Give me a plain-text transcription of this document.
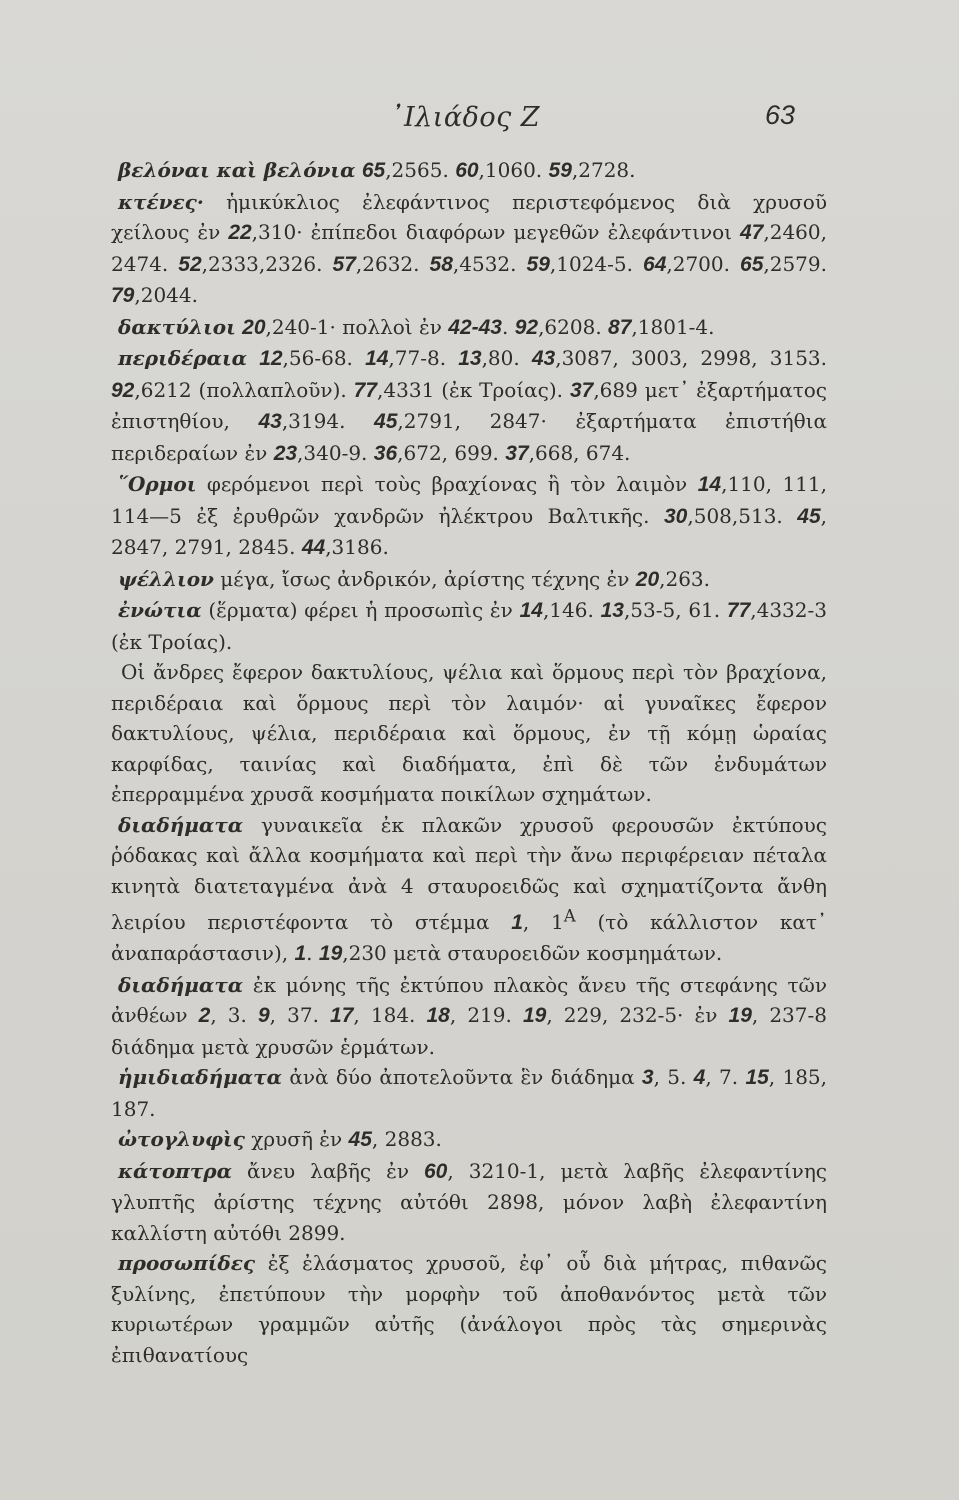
᾿Ιλιάδος Ζ	63

βελόναι καὶ βελόνια 65,2565. 60,1060. 59,2728.

κτένες· ἡμικύκλιος ἐλεφάντινος περιστεφόμενος διὰ χρυσοῦ χείλους ἐν 22,310· ἐπίπεδοι διαφόρων μεγεθῶν ἐλεφάντινοι 47,2460, 2474. 52,2333,2326. 57,2632. 58,4532. 59,1024-5. 64,2700. 65,2579. 79,2044.

δακτύλιοι 20,240-1· πολλοὶ ἐν 42-43. 92,6208. 87,1801-4.

περιδέραια 12,56-68. 14,77-8. 13,80. 43,3087, 3003, 2998, 3153. 92,6212 (πολλαπλοῦν). 77,4331 (ἐκ Τροίας). 37,689 μετ᾿ ἐξαρτήματος ἐπιστηθίου, 43,3194. 45,2791, 2847· ἐξαρτήματα ἐπιστήθια περιδεραίων ἐν 23,340-9. 36,672, 699. 37,668, 674.

῞Ορμοι φερόμενοι περὶ τοὺς βραχίονας ἢ τὸν λαιμὸν 14,110, 111, 114—5 ἐξ ἐρυθρῶν χανδρῶν ἠλέκτρου Βαλτικῆς. 30,508,513. 45, 2847, 2791, 2845. 44,3186.

ψέλλιον μέγα, ἴσως ἀνδρικόν, ἀρίστης τέχνης ἐν 20,263.

ἐνώτια (ἕρματα) φέρει ἡ προσωπὶς ἐν 14,146. 13,53-5, 61. 77,4332-3 (ἐκ Τροίας).

Οἱ ἄνδρες ἔφερον δακτυλίους, ψέλια καὶ ὅρμους περὶ τὸν βραχίονα, περιδέραια καὶ ὅρμους περὶ τὸν λαιμόν· αἱ γυναῖκες ἔφερον δακτυλίους, ψέλια, περιδέραια καὶ ὅρμους, ἐν τῇ κόμῃ ὡραίας καρφίδας, ταινίας καὶ διαδήματα, ἐπὶ δὲ τῶν ἐνδυμάτων ἐπερραμμένα χρυσᾶ κοσμήματα ποικίλων σχημάτων.

διαδήματα γυναικεῖα ἐκ πλακῶν χρυσοῦ φερουσῶν ἐκτύπους ῥόδακας καὶ ἄλλα κοσμήματα καὶ περὶ τὴν ἄνω περιφέρειαν πέταλα κινητὰ διατεταγμένα ἀνὰ 4 σταυροειδῶς καὶ σχηματίζοντα ἄνθη λειρίου περιστέφοντα τὸ στέμμα 1, $1^A$ (τὸ κάλλιστον κατ᾿ ἀναπαράστασιν), 1. 19,230 μετὰ σταυροειδῶν κοσμημάτων.

διαδήματα ἐκ μόνης τῆς ἐκτύπου πλακὸς ἄνευ τῆς στεφάνης τῶν ἀνθέων 2, 3. 9, 37. 17, 184. 18, 219. 19, 229, 232-5· ἐν 19, 237-8 διάδημα μετὰ χρυσῶν ἑρμάτων.

ἡμιδιαδήματα ἀνὰ δύο ἀποτελοῦντα ἓν διάδημα 3, 5. 4, 7. 15, 185, 187.

ὠτογλυφὶς χρυσῆ ἐν 45, 2883.

κάτοπτρα ἄνευ λαβῆς ἐν 60, 3210-1, μετὰ λαβῆς ἐλεφαντίνης γλυπτῆς ἀρίστης τέχνης αὐτόθι 2898, μόνον λαβὴ ἐλεφαντίνη καλλίστη αὐτόθι 2899.

προσωπίδες ἐξ ἐλάσματος χρυσοῦ, ἐφ᾿ οὗ διὰ μήτρας, πιθανῶς ξυλίνης, ἐπετύπουν τὴν μορφὴν τοῦ ἀποθανόντος μετὰ τῶν κυριωτέρων γραμμῶν αὐτῆς (ἀνάλογοι πρὸς τὰς σημερινὰς ἐπιθανατίους
